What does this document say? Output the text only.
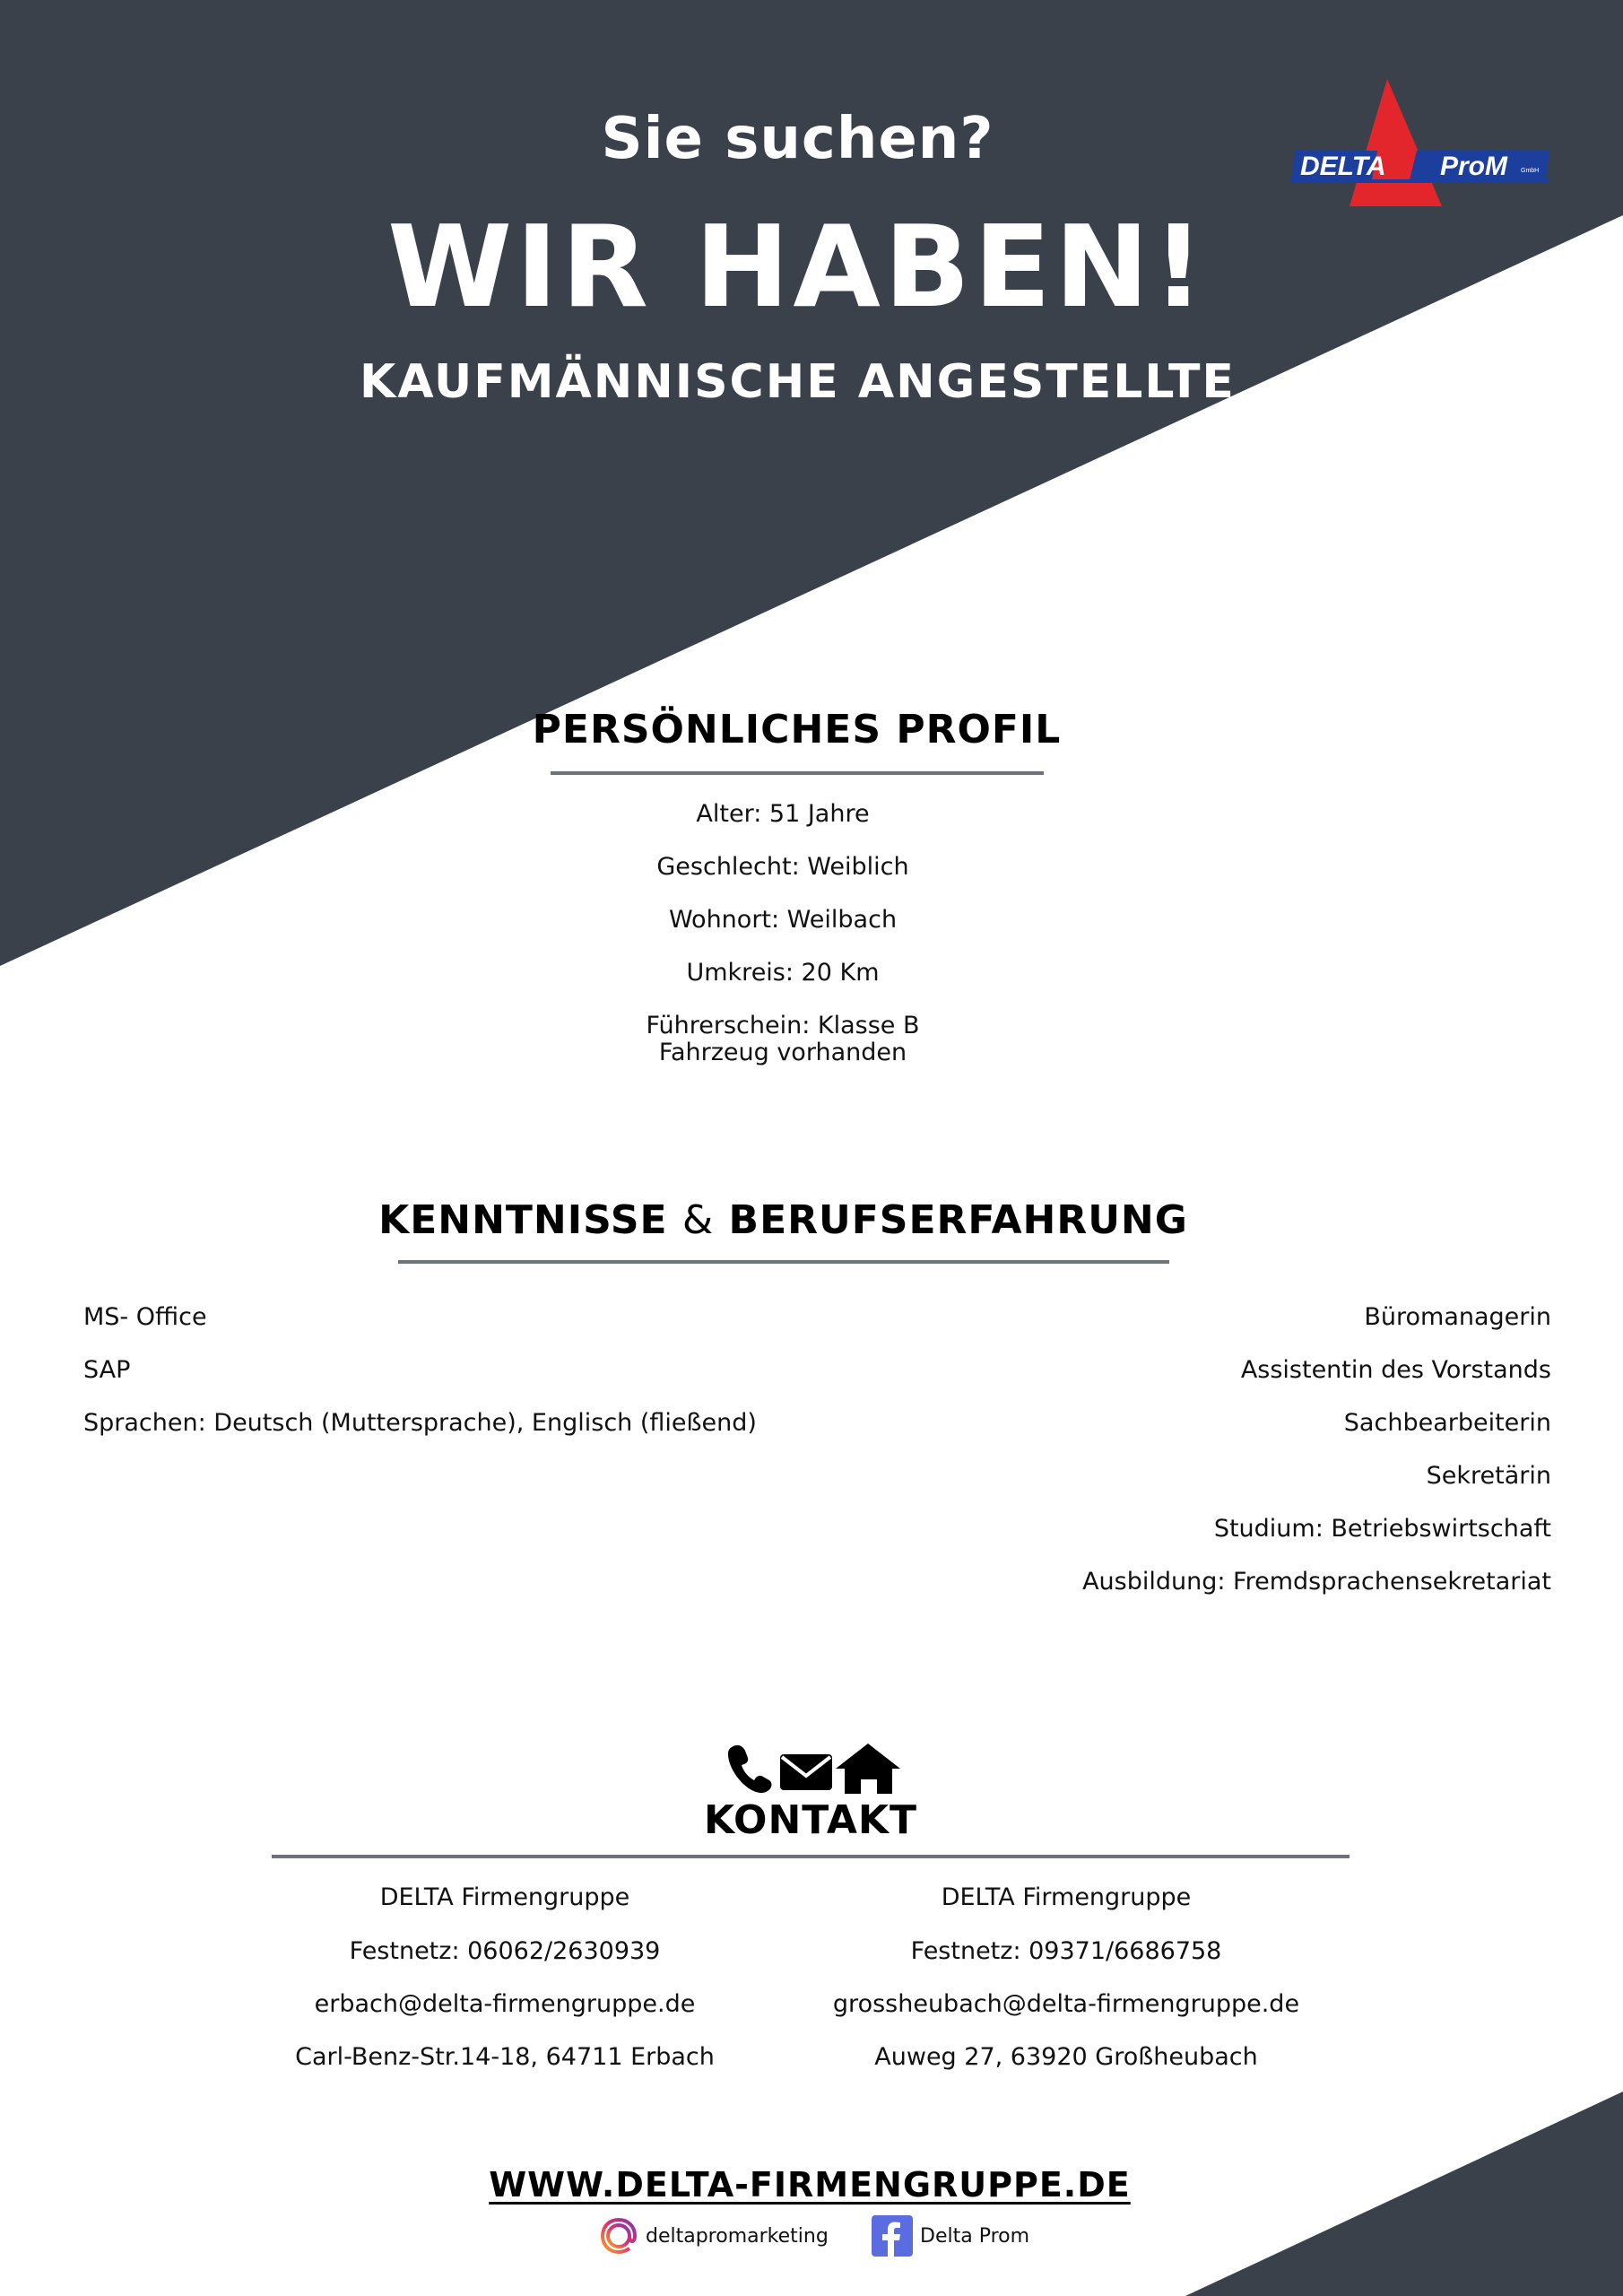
DELTA ProM GmbH
Sie suchen?
WIR HABEN!
KAUFMÄNNISCHE ANGESTELLTE
PERSÖNLICHES PROFIL
Alter: 51 Jahre
Geschlecht: Weiblich
Wohnort: Weilbach
Umkreis: 20 Km
Führerschein: Klasse B
Fahrzeug vorhanden
KENNTNISSE & BERUFSERFAHRUNG
MS- Office
SAP
Sprachen: Deutsch (Muttersprache), Englisch (fließend)
Büromanagerin
Assistentin des Vorstands
Sachbearbeiterin
Sekretärin
Studium: Betriebswirtschaft
Ausbildung: Fremdsprachensekretariat
KONTAKT
DELTA Firmengruppe
Festnetz: 06062/2630939
erbach@delta-firmengruppe.de
Carl-Benz-Str.14-18, 64711 Erbach
DELTA Firmengruppe
Festnetz: 09371/6686758
grossheubach@delta-firmengruppe.de
Auweg 27, 63920 Großheubach
WWW.DELTA-FIRMENGRUPPE.DE
deltapromarketing	Delta Prom
